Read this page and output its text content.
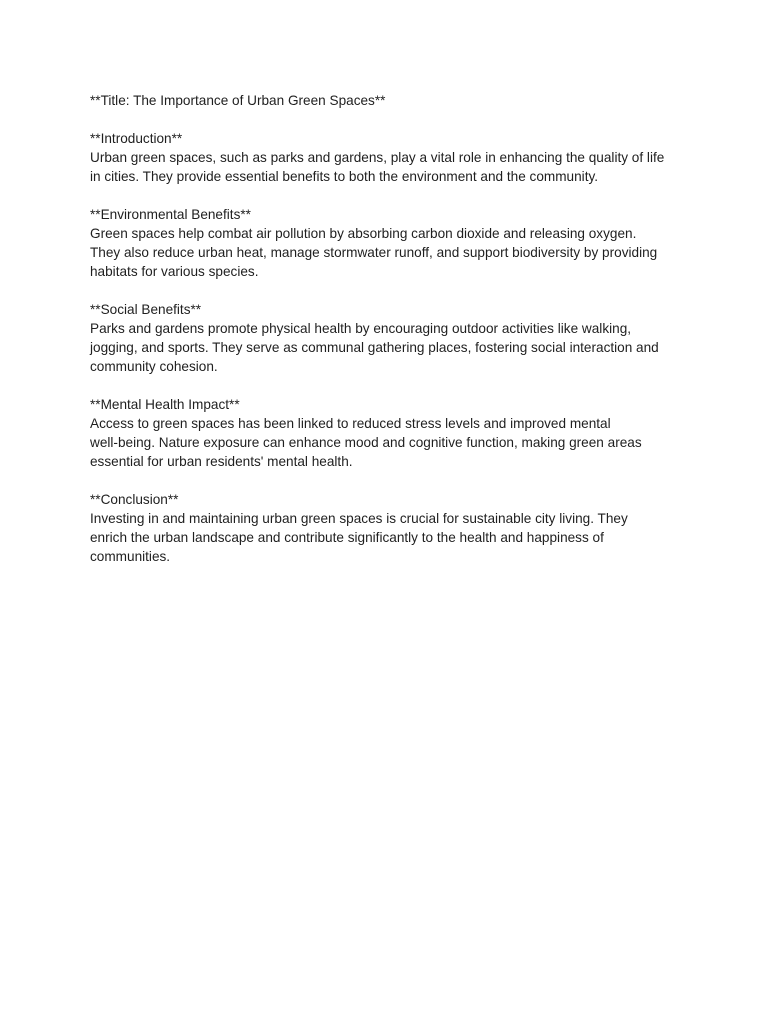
**Title: The Importance of Urban Green Spaces**

**Introduction**

Urban green spaces, such as parks and gardens, play a vital role in enhancing the quality of life

in cities. They provide essential benefits to both the environment and the community.

**Environmental Benefits**

Green spaces help combat air pollution by absorbing carbon dioxide and releasing oxygen.

They also reduce urban heat, manage stormwater runoff, and support biodiversity by providing

habitats for various species.

**Social Benefits**

Parks and gardens promote physical health by encouraging outdoor activities like walking,

jogging, and sports. They serve as communal gathering places, fostering social interaction and

community cohesion.

**Mental Health Impact**

Access to green spaces has been linked to reduced stress levels and improved mental

well-being. Nature exposure can enhance mood and cognitive function, making green areas

essential for urban residents' mental health.

**Conclusion**

Investing in and maintaining urban green spaces is crucial for sustainable city living. They

enrich the urban landscape and contribute significantly to the health and happiness of

communities.
